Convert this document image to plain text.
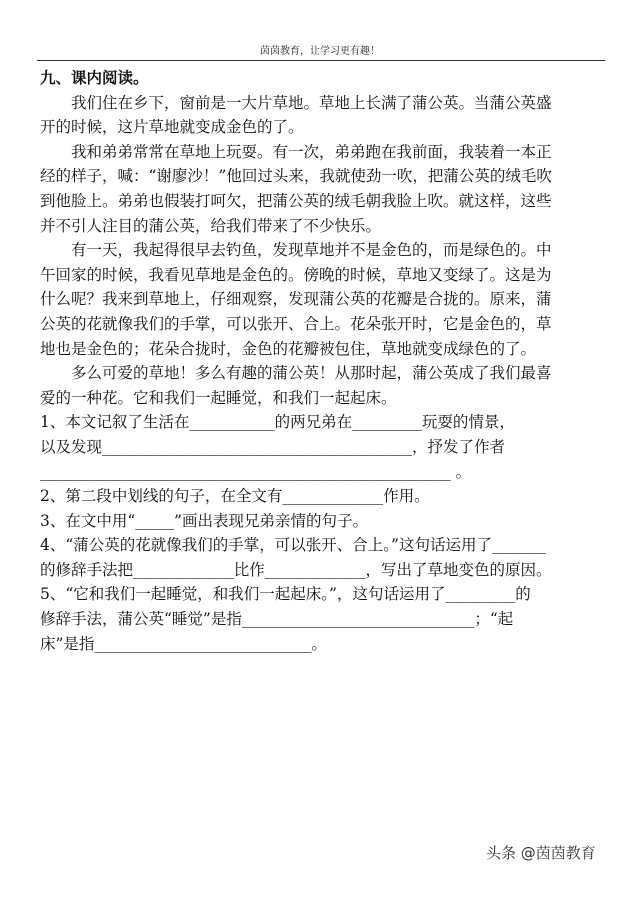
茵茵教育，让学习更有趣！
九、课内阅读。
我们住在乡下，窗前是一大片草地。草地上长满了蒲公英。当蒲公英盛
开的时候，这片草地就变成金色的了。
我和弟弟常常在草地上玩耍。有一次，弟弟跑在我前面，我装着一本正
经的样子，喊：“谢廖沙！”他回过头来，我就使劲一吹，把蒲公英的绒毛吹
到他脸上。弟弟也假装打呵欠，把蒲公英的绒毛朝我脸上吹。就这样，这些
并不引人注目的蒲公英，给我们带来了不少快乐。
有一天，我起得很早去钓鱼，发现草地并不是金色的，而是绿色的。中
午回家的时候，我看见草地是金色的。傍晚的时候，草地又变绿了。这是为
什么呢？我来到草地上，仔细观察，发现蒲公英的花瓣是合拢的。原来，蒲
公英的花就像我们的手掌，可以张开、合上。花朵张开时，它是金色的，草
地也是金色的；花朵合拢时，金色的花瓣被包住，草地就变成绿色的了。
多么可爱的草地！多么有趣的蒲公英！从那时起，蒲公英成了我们最喜
爱的一种花。它和我们一起睡觉，和我们一起起床。
1、本文记叙了生活在___________的两兄弟在_________玩耍的情景，
以及发现________________________________________，抒发了作者
_____________________________________________________ 。
2、第二段中划线的句子，在全文有_____________作用。
3、在文中用“_____”画出表现兄弟亲情的句子。
4、“蒲公英的花就像我们的手掌，可以张开、合上。”这句话运用了_______
的修辞手法把_____________比作_____________，写出了草地变色的原因。
5、“它和我们一起睡觉，和我们一起起床。”，这句话运用了_________的
修辞手法，蒲公英“睡觉”是指______________________________；“起
床”是指____________________________。
头条 @茵茵教育
